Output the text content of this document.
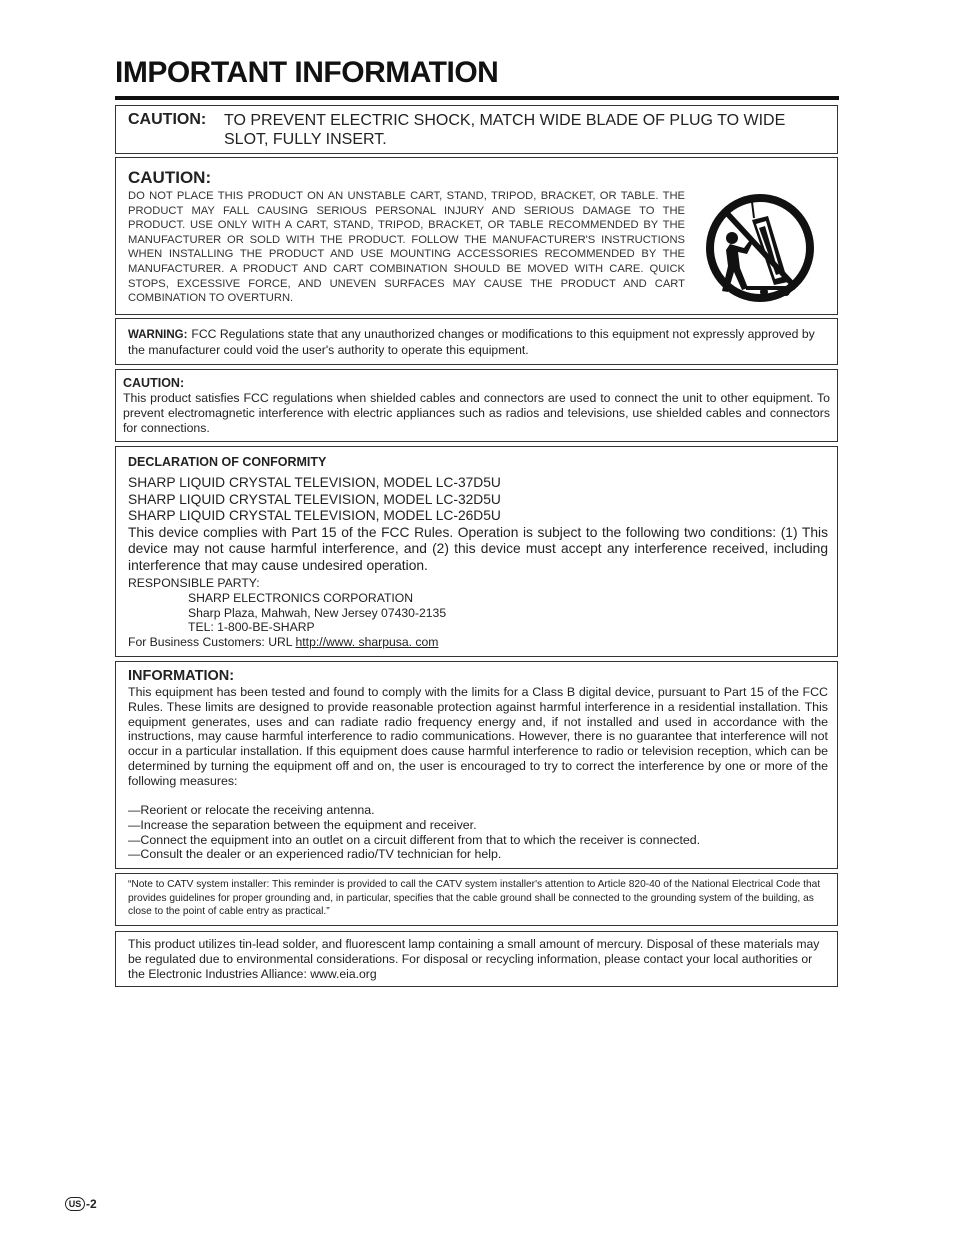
IMPORTANT INFORMATION
CAUTION: TO PREVENT ELECTRIC SHOCK, MATCH WIDE BLADE OF PLUG TO WIDE SLOT, FULLY INSERT.
CAUTION:
DO NOT PLACE THIS PRODUCT ON AN UNSTABLE CART, STAND, TRIPOD, BRACKET, OR TABLE. THE PRODUCT MAY FALL CAUSING SERIOUS PERSONAL INJURY AND SERIOUS DAMAGE TO THE PRODUCT. USE ONLY WITH A CART, STAND, TRIPOD, BRACKET, OR TABLE RECOMMENDED BY THE MANUFACTURER OR SOLD WITH THE PRODUCT. FOLLOW THE MANUFACTURER'S INSTRUCTIONS WHEN INSTALLING THE PRODUCT AND USE MOUNTING ACCESSORIES RECOMMENDED BY THE MANUFACTURER. A PRODUCT AND CART COMBINATION SHOULD BE MOVED WITH CARE. QUICK STOPS, EXCESSIVE FORCE, AND UNEVEN SURFACES MAY CAUSE THE PRODUCT AND CART COMBINATION TO OVERTURN.
WARNING: FCC Regulations state that any unauthorized changes or modifications to this equipment not expressly approved by the manufacturer could void the user's authority to operate this equipment.
CAUTION:
This product satisfies FCC regulations when shielded cables and connectors are used to connect the unit to other equipment. To prevent electromagnetic interference with electric appliances such as radios and televisions, use shielded cables and connectors for connections.
DECLARATION OF CONFORMITY
SHARP LIQUID CRYSTAL TELEVISION, MODEL LC-37D5U
SHARP LIQUID CRYSTAL TELEVISION, MODEL LC-32D5U
SHARP LIQUID CRYSTAL TELEVISION, MODEL LC-26D5U
This device complies with Part 15 of the FCC Rules. Operation is subject to the following two conditions: (1) This device may not cause harmful interference, and (2) this device must accept any interference received, including interference that may cause undesired operation.
RESPONSIBLE PARTY:
SHARP ELECTRONICS CORPORATION
Sharp Plaza, Mahwah, New Jersey 07430-2135
TEL: 1-800-BE-SHARP
For Business Customers: URL http://www. sharpusa. com
INFORMATION:
This equipment has been tested and found to comply with the limits for a Class B digital device, pursuant to Part 15 of the FCC Rules. These limits are designed to provide reasonable protection against harmful interference in a residential installation. This equipment generates, uses and can radiate radio frequency energy and, if not installed and used in accordance with the instructions, may cause harmful interference to radio communications. However, there is no guarantee that interference will not occur in a particular installation. If this equipment does cause harmful interference to radio or television reception, which can be determined by turning the equipment off and on, the user is encouraged to try to correct the interference by one or more of the following measures:
—Reorient or relocate the receiving antenna.
—Increase the separation between the equipment and receiver.
—Connect the equipment into an outlet on a circuit different from that to which the receiver is connected.
—Consult the dealer or an experienced radio/TV technician for help.
“Note to CATV system installer: This reminder is provided to call the CATV system installer's attention to Article 820-40 of the National Electrical Code that provides guidelines for proper grounding and, in particular, specifies that the cable ground shall be connected to the grounding system of the building, as close to the point of cable entry as practical.”
This product utilizes tin-lead solder, and fluorescent lamp containing a small amount of mercury. Disposal of these materials may be regulated due to environmental considerations. For disposal or recycling information, please contact your local authorities or the Electronic Industries Alliance: www.eia.org
US -2
